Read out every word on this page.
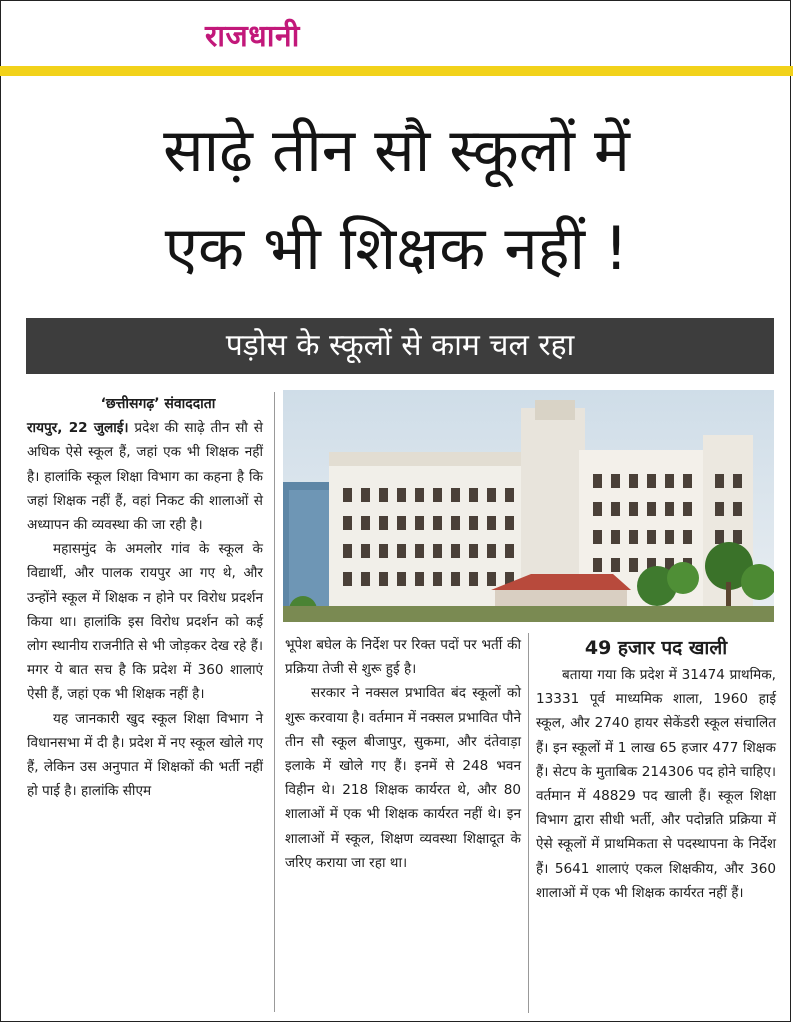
राजधानी
साढ़े तीन सौ स्कूलों में
एक भी शिक्षक नहीं !
पड़ोस के स्कूलों से काम चल रहा

‘छत्तीसगढ़’ संवाददाता

रायपुर, 22 जुलाई। प्रदेश की साढ़े तीन सौ से अधिक ऐसे स्कूल हैं, जहां एक भी शिक्षक नहीं है। हालांकि स्कूल शिक्षा विभाग का कहना है कि जहां शिक्षक नहीं हैं, वहां निकट की शालाओं से अध्यापन की व्यवस्था की जा रही है।

महासमुंद के अमलोर गांव के स्कूल के विद्यार्थी, और पालक रायपुर आ गए थे, और उन्होंने स्कूल में शिक्षक न होने पर विरोध प्रदर्शन किया था। हालांकि इस विरोध प्रदर्शन को कई लोग स्थानीय राजनीति से भी जोड़कर देख रहे हैं। मगर ये बात सच है कि प्रदेश में 360 शालाएं ऐसी हैं, जहां एक भी शिक्षक नहीं है।

यह जानकारी खुद स्कूल शिक्षा विभाग ने विधानसभा में दी है। प्रदेश में नए स्कूल खोले गए हैं, लेकिन उस अनुपात में शिक्षकों की भर्ती नहीं हो पाई है। हालांकि सीएम

भूपेश बघेल के निर्देश पर रिक्त पदों पर भर्ती की प्रक्रिया तेजी से शुरू हुई है।

सरकार ने नक्सल प्रभावित बंद स्कूलों को शुरू करवाया है। वर्तमान में नक्सल प्रभावित पौने तीन सौ स्कूल बीजापुर, सुकमा, और दंतेवाड़ा इलाके में खोले गए हैं। इनमें से 248 भवन विहीन थे। 218 शिक्षक कार्यरत थे, और 80 शालाओं में एक भी शिक्षक कार्यरत नहीं थे। इन शालाओं में स्कूल, शिक्षण व्यवस्था शिक्षादूत के जरिए कराया जा रहा था।

49 हजार पद खाली

बताया गया कि प्रदेश में 31474 प्राथमिक, 13331 पूर्व माध्यमिक शाला, 1960 हाई स्कूल, और 2740 हायर सेकेंडरी स्कूल संचालित हैं। इन स्कूलों में 1 लाख 65 हजार 477 शिक्षक हैं। सेटप के मुताबिक 214306 पद होने चाहिए। वर्तमान में 48829 पद खाली हैं। स्कूल शिक्षा विभाग द्वारा सीधी भर्ती, और पदोन्नति प्रक्रिया में ऐसे स्कूलों में प्राथमिकता से पदस्थापना के निर्देश हैं। 5641 शालाएं एकल शिक्षकीय, और 360 शालाओं में एक भी शिक्षक कार्यरत नहीं हैं।
